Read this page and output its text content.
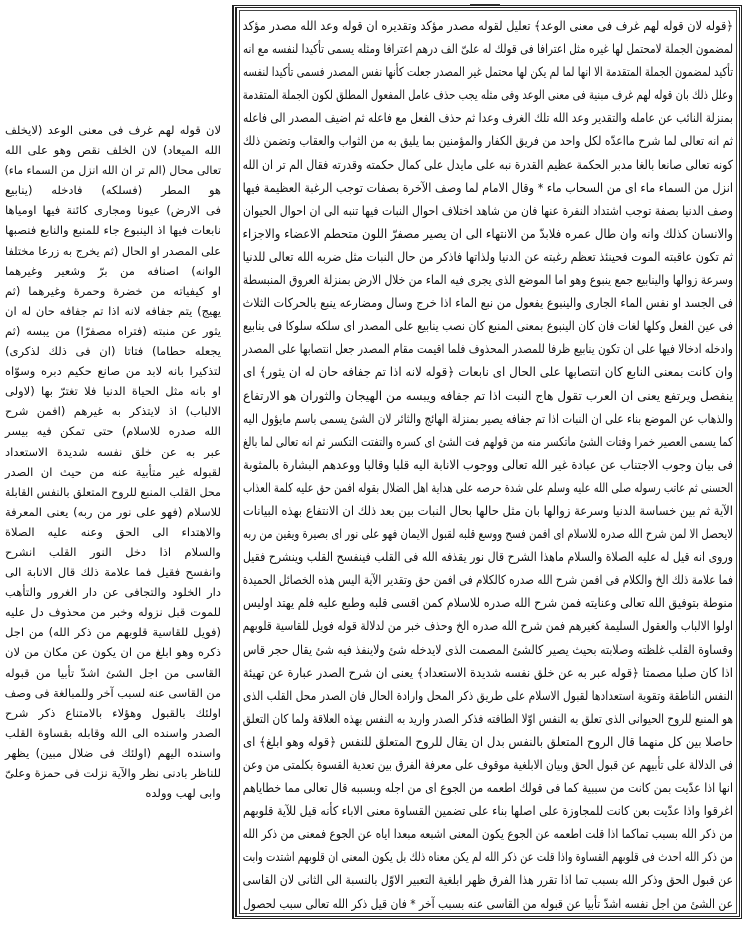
﴿قوله لان قوله لهم غرف فى معنى الوعد﴾ تعليل لقوله مصدر مؤكد وتقديره ان قوله وعد الله مصدر مؤكد
لمضمون الجملة لامحتمل لها غيره مثل اعترافا فى قولك له علىّ الف درهم اعترافا ومثله يسمى تأكيدا لنفسه مع انه
تأكيد لمضمون الجملة المتقدمة الا انها لما لم يكن لها محتمل غير المصدر جعلت كأنها نفس المصدر فسمى تأكيدا لنفسه
وعلل ذلك بان قوله لهم غرف مبنية فى معنى الوعد وفى مثله يجب حذف عامل المفعول المطلق لكون الجملة المتقدمة
بمنزلة النائب عن عامله والتقدير وعد الله تلك الغرف وعدا ثم حذف الفعل مع فاعله ثم اضيف المصدر الى فاعله
ثم انه تعالى لما شرح مااعدّه لكل واحد من فريق الكفار والمؤمنين بما يليق به من الثواب والعقاب وتضمن ذلك
كونه تعالى صانعا بالغا مدبر الحكمة عظيم القدرة نبه على مايدل على كمال حكمته وقدرته فقال الم تر ان الله
انزل من السماء ماء اى من السحاب ماء * وقال الامام لما وصف الآخرة بصفات توجب الرغبة العظيمة فيها
وصف الدنيا بصفة توجب اشتداد النفرة عنها فان من شاهد اختلاف احوال النبات فيها تنبه الى ان احوال الحيوان
والانسان كذلك وانه وان طال عمره فلابدّ من الانتهاء الى ان يصير مصفرّ اللون متحطم الاعضاء والاجزاء
ثم تكون عاقبته الموت فحينئذ تعظم رغبته عن الدنيا ولذاتها فاذكر من حال النبات مثل ضربه الله تعالى للدنيا
وسرعة زوالها والينابيع جمع ينبوع وهو اما الموضع الذى يجرى فيه الماء من خلال الارض بمنزلة العروق المنبسطة
فى الجسد او نفس الماء الجارى والينبوع يفعول من نبع الماء اذا خرج وسال ومضارعه ينبع بالحركات الثلاث
فى عين الفعل وكلها لغات فان كان الينبوع بمعنى المنبع كان نصب ينابيع على المصدر اى سلكه سلوكا فى ينابيع
وادخله ادخالا فيها على ان تكون ينابيع ظرفا للمصدر المحذوف فلما اقيمت مقام المصدر جعل انتصابها على المصدر
وان كانت بمعنى النابع كان انتصابها على الحال اى نابعات ﴿قوله لانه اذا تم جفافه حان له ان يثور﴾ اى
ينفصل ويرتفع يعنى ان العرب تقول هاج النبت اذا تم جفافه ويبسه من الهيجان والثوران هو الارتفاع
والذهاب عن الموضع بناء على ان النبات اذا تم جفافه يصير بمنزلة الهائج والثائر لان الشئ يسمى باسم مايؤول اليه
كما يسمى العصير خمرا وفتات الشئ ماتكسر منه من قولهم فت الشئ اى كسره والتفتت التكسر ثم انه تعالى لما بالغ
فى بيان وجوب الاجتناب عن عبادة غير الله تعالى ووجوب الانابة اليه قلبا وقالبا ووعدهم البشارة بالمثوبة
الحسنى ثم عاتب رسوله صلى الله عليه وسلم على شدة حرصه على هداية اهل الضلال بقوله افمن حق عليه كلمة العذاب
الآية ثم بين خساسة الدنيا وسرعة زوالها بان مثل حالها بحال النبات بين بعد ذلك ان الانتفاع بهذه البيانات
لايحصل الا لمن شرح الله صدره للاسلام اى افمن فسح ووسع قلبه لقبول الايمان فهو على نور اى بصيرة ويقين من ربه
وروى انه قيل له عليه الصلاة والسلام ماهذا الشرح قال نور يقذفه الله فى القلب فينفسح القلب وينشرح فقيل
فما علامة ذلك الخ والكلام فى افمن شرح الله صدره كالكلام فى افمن حق وتقدير الآية اليس هذه الخصائل الحميدة
منوطة بتوفيق الله تعالى وعنايته فمن شرح الله صدره للاسلام كمن اقسى قلبه وطبع عليه فلم يهتد اوليس
اولوا الالباب والعقول السليمة كغيرهم فمن شرح الله صدره الخ وحذف خبر من لدلالة قوله فويل للقاسية قلوبهم
وقساوة القلب غلظته وصلابته بحيث يصير كالشئ المصمت الذى لايدخله شئ ولاينفذ فيه شئ يقال حجر قاس
اذا كان صلبا مصمتا ﴿قوله عبر به عن خلق نفسه شديدة الاستعداد﴾ يعنى ان شرح الصدر عبارة عن تهيئة
النفس الناطقة وتقوية استعدادها لقبول الاسلام على طريق ذكر المحل وارادة الحال فان الصدر محل القلب الذى
هو المنبع للروح الحيوانى الذى تعلق به النفس اوّلا الطافته فذكر الصدر واريد به النفس بهذه العلاقة ولما كان التعلق
حاصلا بين كل منهما قال الروح المتعلق بالنفس بدل ان يقال للروح المتعلق للنفس ﴿قوله وهو ابلغ﴾ اى
فى الدلالة على تأبيهم عن قبول الحق وبيان الابلغية موقوف على معرفة الفرق بين تعدية القسوة بكلمتى من وعن
انها اذا عدّيت بمن كانت من سببية كما فى قولك اطعمه من الجوع اى من اجله وبسببه قال تعالى مما خطاياهم
اغرقوا واذا عدّيت بعن كانت للمجاوزة على اصلها بناء على تضمين القساوة معنى الاباء كأنه قيل للآية قلوبهم
من ذكر الله بسبب تماكما اذا قلت اطعمه عن الجوع يكون المعنى اشبعه مبعدا اياه عن الجوع فمعنى من ذكر الله
من ذكر الله احدث فى قلوبهم القساوة واذا قلت عن ذكر الله لم يكن معناه ذلك بل يكون المعنى ان قلوبهم اشتدت وابت
عن قبول الحق وذكر الله بسبب تما اذا تقرر هذا الفرق ظهر ابلغية التعبير الاوّل بالنسبة الى الثانى لان القاسى
عن الشئ من اجل نفسه اشدّ تأبيا عن قبوله من القاسى عنه بسبب آخر * فان قيل ذكر الله تعالى سبب لحصول
لان قوله لهم غرف فى معنى الوعد (لايخلف
الله الميعاد) لان الخلف نقص وهو على الله
تعالى محال (الم تر ان الله انزل من السماء ماء)
هو المطر (فسلكه) فادخله (ينابيع
فى الارض) عيونا ومجارى كائنة فيها اومياها
نابعات فيها اذ الينبوع جاء للمنبع والنابع فنصبها
على المصدر او الحال (ثم يخرج به زرعا مختلفا
الوانه) اصنافه من برّ وشعير وغيرهما
او كيفياته من خضرة وحمرة وغيرهما (ثم
يهيج) يتم جفافه لانه اذا تم جفافه حان له ان
يثور عن منبته (فتراه مصفرّا) من يبسه (ثم
يجعله حطاما) فتاتا (ان فى ذلك لذكرى)
لتذكيرا بانه لابد من صانع حكيم دبره وسوّاه
او بانه مثل الحياة الدنيا فلا تغترّ بها (لاولى
الالباب) اذ لايتذكر به غيرهم (افمن شرح
الله صدره للاسلام) حتى تمكن فيه بيسر
عبر به عن خلق نفسه شديدة الاستعداد
لقبوله غير متأبية عنه من حيث ان الصدر
محل القلب المنبع للروح المتعلق بالنفس القابلة
للاسلام (فهو على نور من ربه) يعنى المعرفة
والاهتداء الى الحق وعنه عليه الصلاة
والسلام اذا دخل النور القلب انشرح
وانفسح فقيل فما علامة ذلك قال الانابة الى
دار الخلود والتجافى عن دار الغرور والتأهب
للموت قبل نزوله وخبر من محذوف دل عليه
(فويل للقاسية قلوبهم من ذكر الله) من اجل
ذكره وهو ابلغ من ان يكون عن مكان من لان
القاسى من اجل الشئ اشدّ تأبيا من قبوله
من القاسى عنه لسبب آخر وللمبالغة فى وصف
اولئك بالقبول وهؤلاء بالامتناع ذكر شرح
الصدر واسنده الى الله وقابله بقساوة القلب
واسنده اليهم (اولئك فى ضلال مبين) يظهر
للناظر بادنى نظر والآية نزلت فى حمزة وعلىّ
وابى لهب وولده
